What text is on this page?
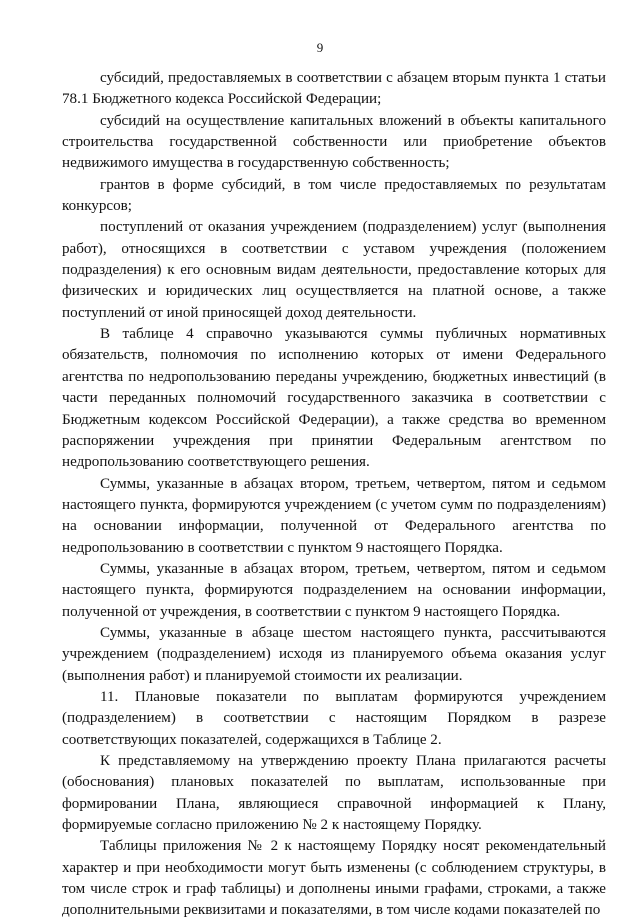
9

субсидий, предоставляемых в соответствии с абзацем вторым пункта 1 статьи 78.1 Бюджетного кодекса Российской Федерации;

субсидий на осуществление капитальных вложений в объекты капитального строительства государственной собственности или приобретение объектов недвижимого имущества в государственную собственность;

грантов в форме субсидий, в том числе предоставляемых по результатам конкурсов;

поступлений от оказания учреждением (подразделением) услуг (выполнения работ), относящихся в соответствии с уставом учреждения (положением подразделения) к его основным видам деятельности, предоставление которых для физических и юридических лиц осуществляется на платной основе, а также поступлений от иной приносящей доход деятельности.

В таблице 4 справочно указываются суммы публичных нормативных обязательств, полномочия по исполнению которых от имени Федерального агентства по недропользованию переданы учреждению, бюджетных инвестиций (в части переданных полномочий государственного заказчика в соответствии с Бюджетным кодексом Российской Федерации), а также средства во временном распоряжении учреждения при принятии Федеральным агентством по недропользованию соответствующего решения.

Суммы, указанные в абзацах втором, третьем, четвертом, пятом и седьмом настоящего пункта, формируются учреждением (с учетом сумм по подразделениям) на основании информации, полученной от Федерального агентства по недропользованию в соответствии с пунктом 9 настоящего Порядка.

Суммы, указанные в абзацах втором, третьем, четвертом, пятом и седьмом настоящего пункта, формируются подразделением на основании информации, полученной от учреждения, в соответствии с пунктом 9 настоящего Порядка.

Суммы, указанные в абзаце шестом настоящего пункта, рассчитываются учреждением (подразделением) исходя из планируемого объема оказания услуг (выполнения работ) и планируемой стоимости их реализации.

11. Плановые показатели по выплатам формируются учреждением (подразделением) в соответствии с настоящим Порядком в разрезе соответствующих показателей, содержащихся в Таблице 2.

К представляемому на утверждению проекту Плана прилагаются расчеты (обоснования) плановых показателей по выплатам, использованные при формировании Плана, являющиеся справочной информацией к Плану, формируемые согласно приложению № 2 к настоящему Порядку.

Таблицы приложения № 2 к настоящему Порядку носят рекомендательный характер и при необходимости могут быть изменены (с соблюдением структуры, в том числе строк и граф таблицы) и дополнены иными графами, строками, а также дополнительными реквизитами и показателями, в том числе кодами показателей по
